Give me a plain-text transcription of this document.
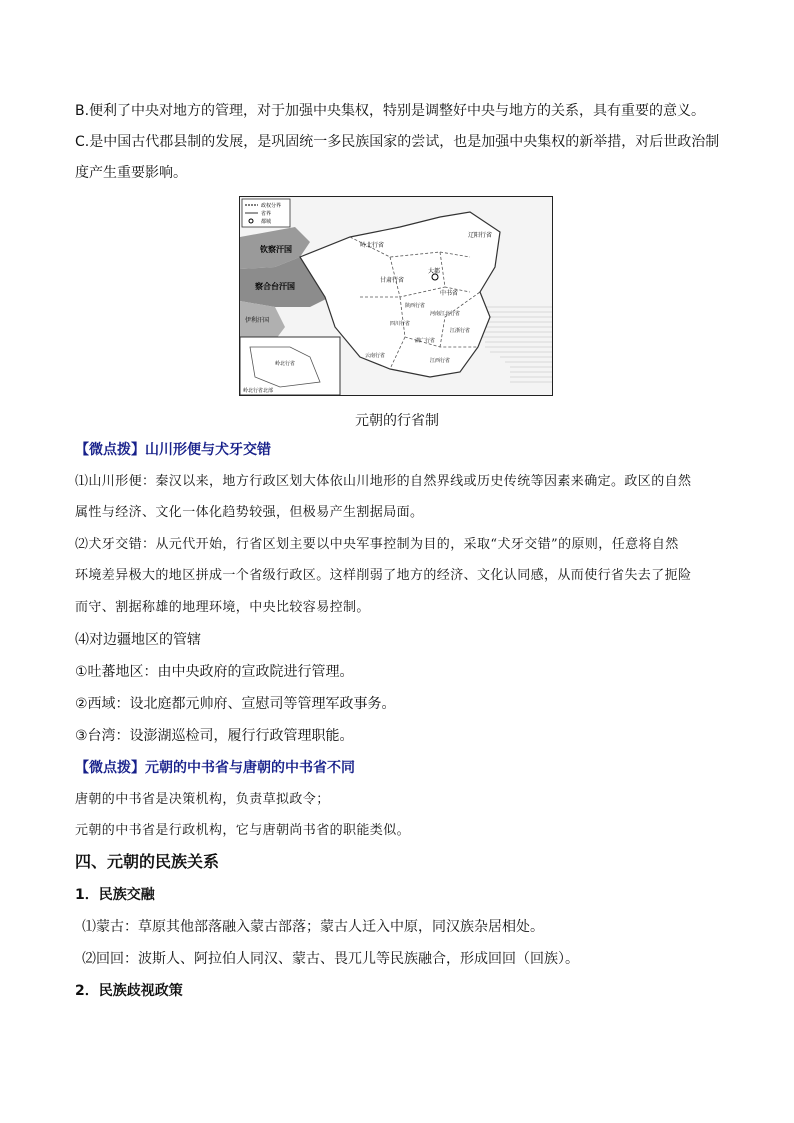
B.便利了中央对地方的管理，对于加强中央集权，特别是调整好中央与地方的关系，具有重要的意义。
C.是中国古代郡县制的发展，是巩固统一多民族国家的尝试，也是加强中央集权的新举措，对后世政治制
度产生重要影响。
政权分界
省界
都城
钦察汗国
察合台汗国
伊利汗国
岭北行省
辽阳行省
甘肃行省
大都
中书省
陕西行省
河南江北行省
四川行省
江浙行省
湖广行省
云南行省
江西行省
岭北行省
岭北行省北部
元朝的行省制
【微点拨】山川形便与犬牙交错
⑴山川形便：秦汉以来，地方行政区划大体依山川地形的自然界线或历史传统等因素来确定。政区的自然
属性与经济、文化一体化趋势较强，但极易产生割据局面。
⑵犬牙交错：从元代开始，行省区划主要以中央军事控制为目的，采取“犬牙交错”的原则，任意将自然
环境差异极大的地区拼成一个省级行政区。这样削弱了地方的经济、文化认同感，从而使行省失去了扼险
而守、割据称雄的地理环境，中央比较容易控制。
⑷对边疆地区的管辖
①吐蕃地区：由中央政府的宣政院进行管理。
②西域：设北庭都元帅府、宣慰司等管理军政事务。
③台湾：设澎湖巡检司，履行行政管理职能。
【微点拨】元朝的中书省与唐朝的中书省不同
唐朝的中书省是决策机构，负责草拟政令；
元朝的中书省是行政机构，它与唐朝尚书省的职能类似。
四、元朝的民族关系
1．民族交融
⑴蒙古：草原其他部落融入蒙古部落；蒙古人迁入中原，同汉族杂居相处。
⑵回回：波斯人、阿拉伯人同汉、蒙古、畏兀儿等民族融合，形成回回（回族）。
2．民族歧视政策
